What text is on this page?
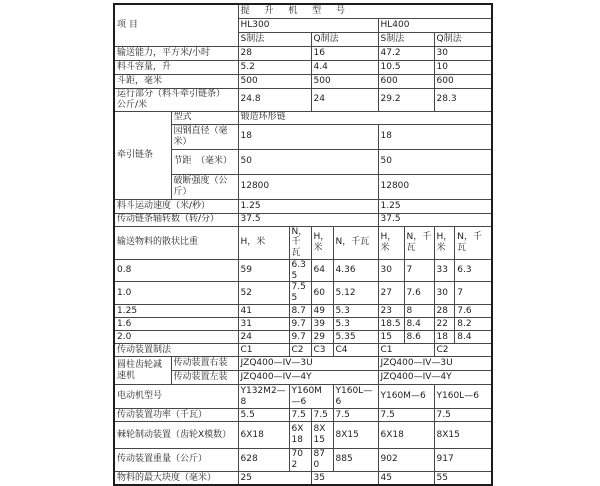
项 目		提 升 机 型 号							
		HL300				HL400			
		S制法		Q制法		S制法		Q制法	
输送能力，平方米/小时		28		16		47.2		30	
料斗容量，升		5.2		4.4		10.5		10	
斗距，毫米		500		500		600		600	
运行部分（料斗牵引链条）　公斤/米		24.8		24		29.2		28.3	
牵引链条	型式	锻造环形链							
	园钢直径（毫米）	18				18			
	节距　（毫米）	50				50			
	破断强度（公斤）	12800				12800			
料斗运动速度（米/秒）		1.25				1.25			
传动链条轴转数（转/分）		37.5				37.5			
输送物料的散状比重		H，米	N，千瓦	H，米	N，千瓦	H，米	N，千瓦	H，米	N，千瓦
0.8		59	6.35	64	4.36	30	7	33	6.3
1.0		52	7.55	60	5.12	27	7.6	30	7
1.25		41	8.7	49	5.3	23	8	28	7.6
1.6		31	9.7	39	5.3	18.5	8.4	22	8.2
2.0		24	9.7	29	5.35	15	8.6	18	8.4
传动装置制法		C1	C2	C3	C4	C1		C2	
圆柱齿轮减速机	传动装置右装	JZQ400—IV—3U				JZQ400—IV—3U			
	传动装置左装	JZQ400—IV—4Y				JZQ400—IV—4Y			
电动机型号		Y132M2—8	Y160M—6		Y160L—6	Y160M—6		Y160L—6	
传动装置功率（千瓦）		5.5	7.5	7.5	7.5	7.5		7.5	
棘轮制动装置（齿轮X模数）		6X18	6X18	8X15	8X15	6X18		8X15	
传动装置重量（公斤）		628	702	870	885	902		917	
物料的最大块度（毫米）		25		35		45		55	
